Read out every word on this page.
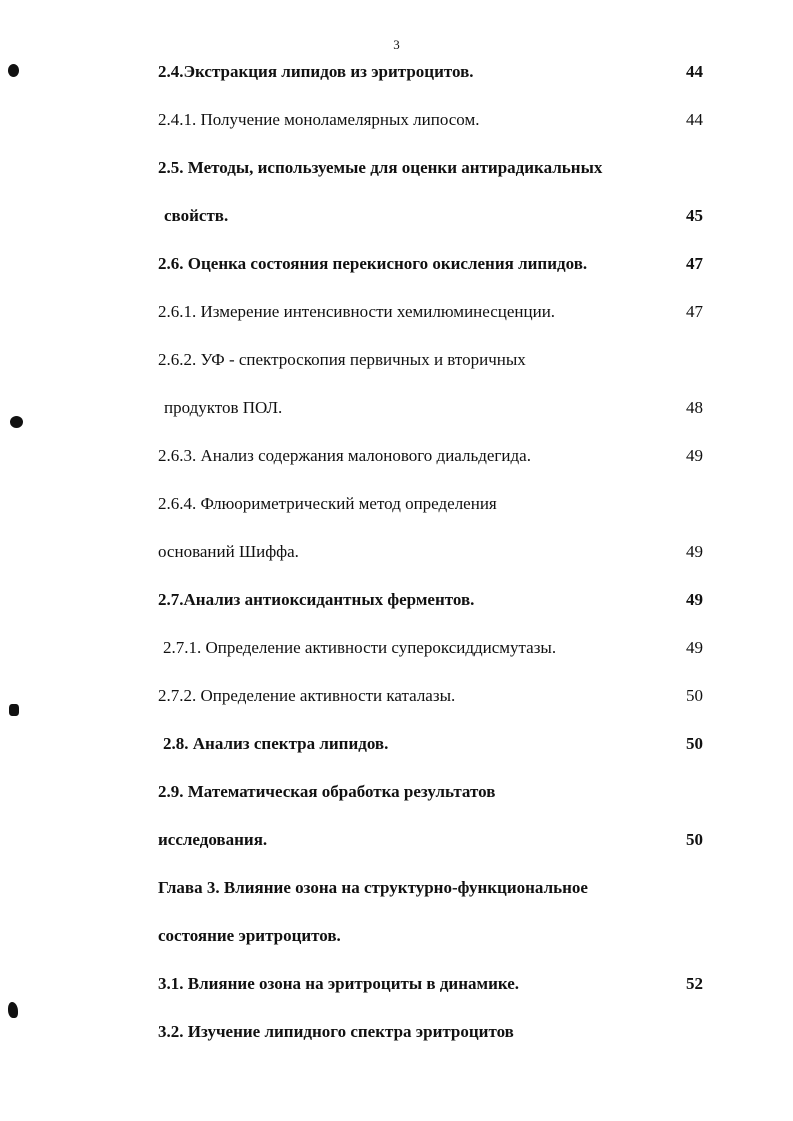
3
2.4.Экстракция липидов из эритроцитов.	44
2.4.1. Получение моноламелярных липосом.	44
2.5. Методы, используемые для оценки антирадикальных
свойств.	45
2.6. Оценка состояния перекисного окисления липидов.	47
2.6.1. Измерение интенсивности хемилюминесценции.	47
2.6.2. УФ - спектроскопия первичных и вторичных
продуктов ПОЛ.	48
2.6.3. Анализ содержания малонового диальдегида.	49
2.6.4. Флюориметрический метод определения
оснований Шиффа.	49
2.7.Анализ антиоксидантных ферментов.	49
2.7.1. Определение активности супероксиддисмутазы.	49
2.7.2. Определение активности каталазы.	50
2.8. Анализ спектра липидов.	50
2.9. Математическая обработка результатов
исследования.	50
Глава 3. Влияние озона на структурно-функциональное
состояние эритроцитов.
3.1. Влияние озона на эритроциты в динамике.	52
3.2. Изучение липидного спектра эритроцитов
